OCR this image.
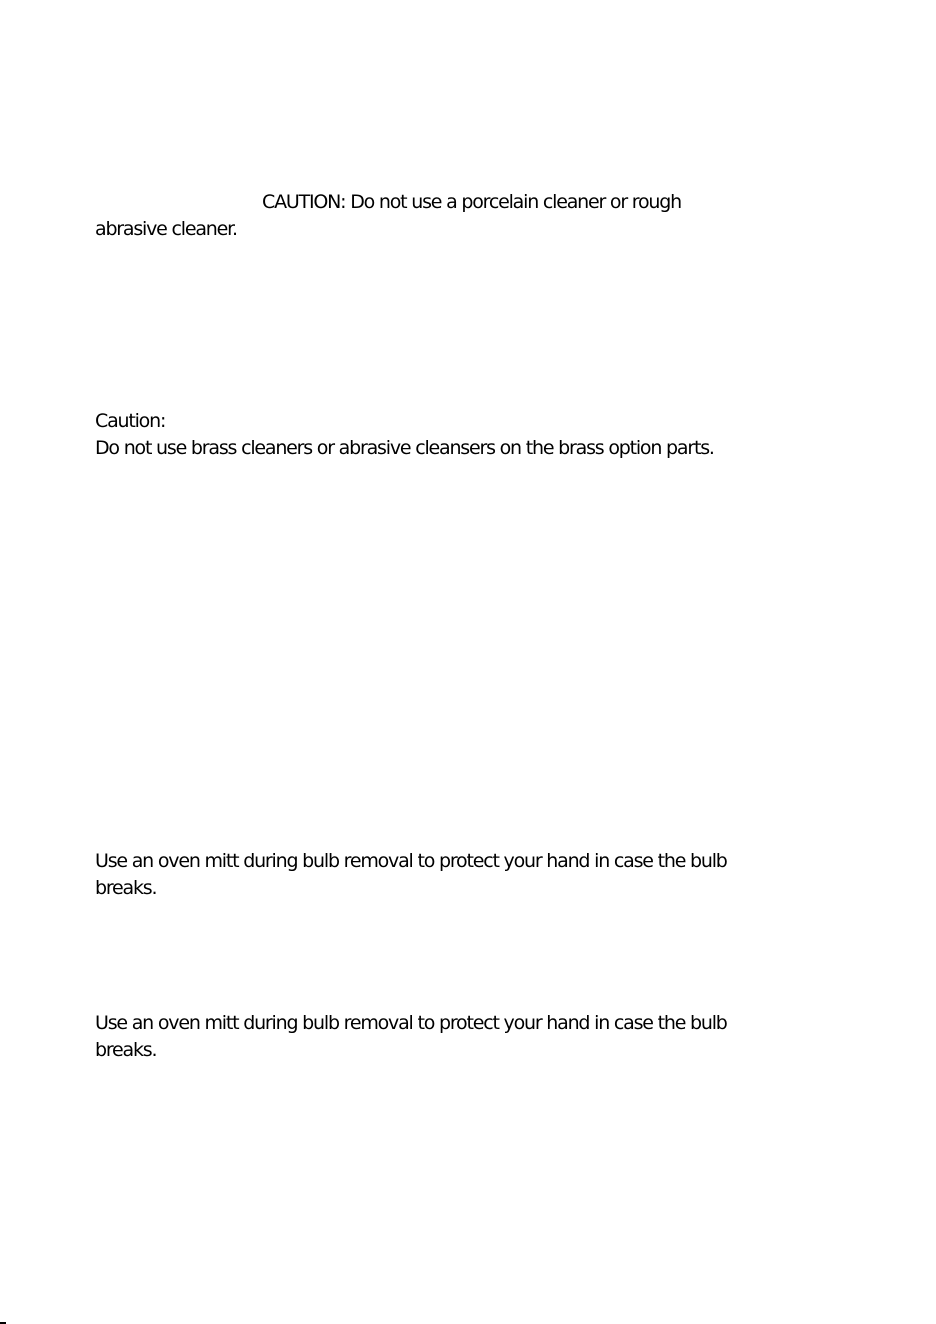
CAUTION: Do not use a porcelain cleaner or rough
abrasive cleaner.
Caution:
Do not use brass cleaners or abrasive cleansers on the brass option parts.
Use an oven mitt during bulb removal to protect your hand in case the bulb
breaks.
Use an oven mitt during bulb removal to protect your hand in case the bulb
breaks.
